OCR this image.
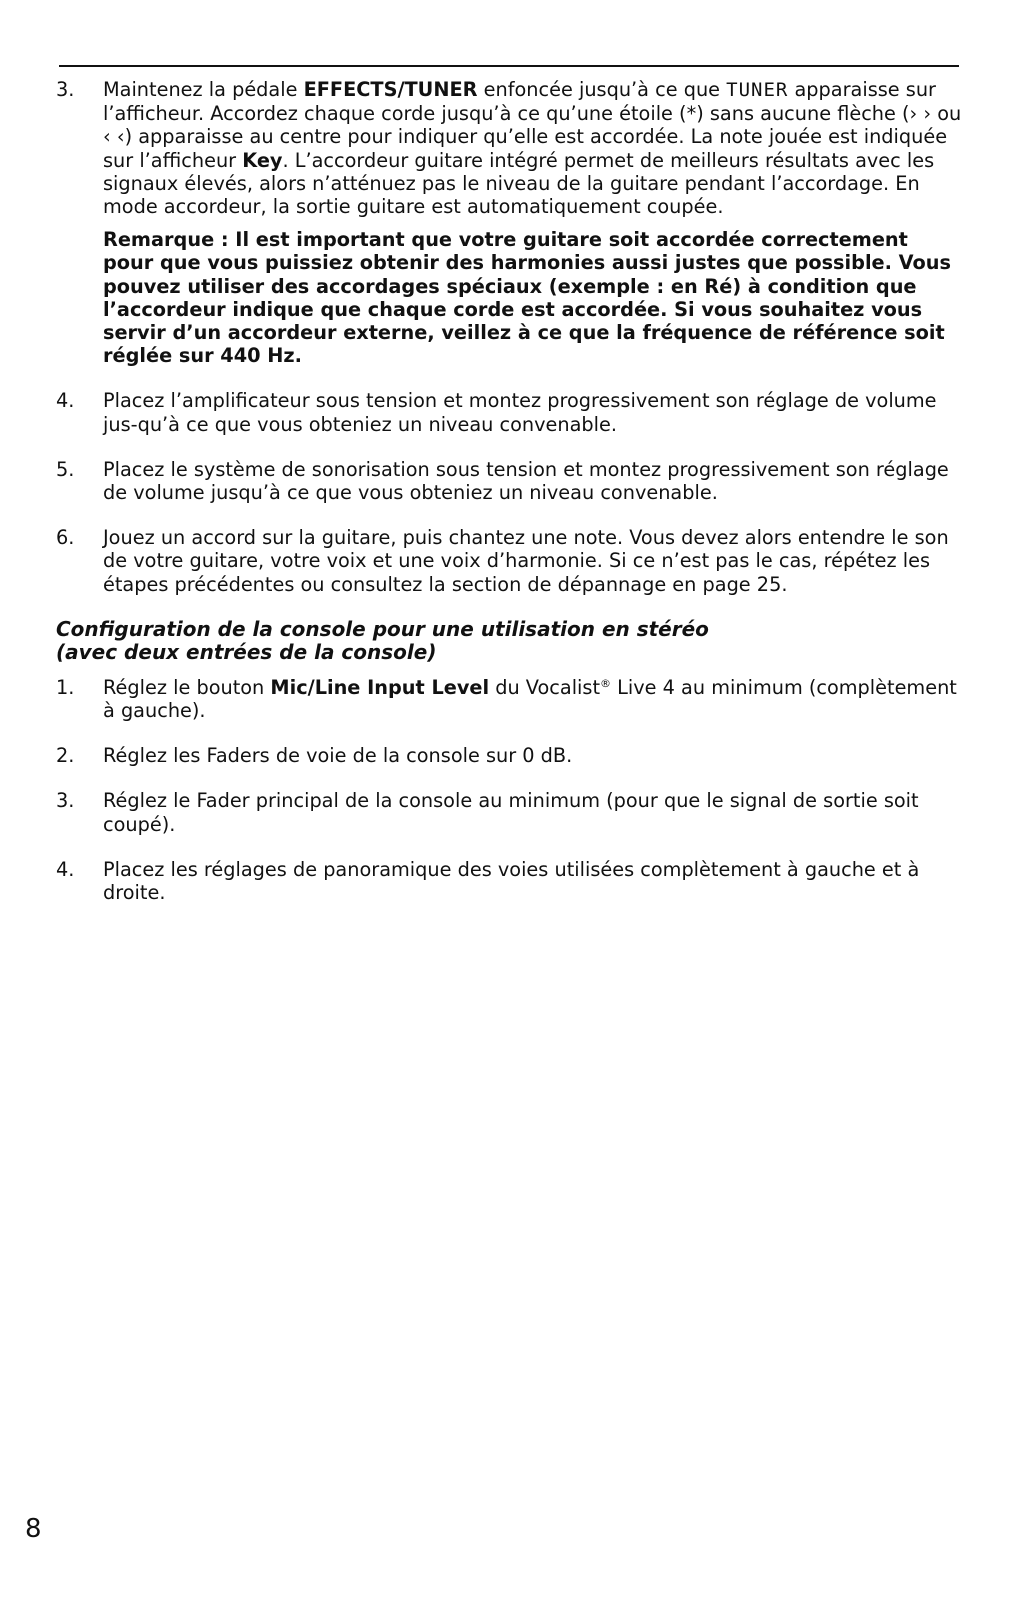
3.	Maintenez la pédale EFFECTS/TUNER enfoncée jusqu’à ce que TUNER apparaisse sur l’afficheur. Accordez chaque corde jusqu’à ce qu’une étoile (*) sans aucune flèche (› › ou ‹ ‹) apparaisse au centre pour indiquer qu’elle est accordée. La note jouée est indiquée sur l’afficheur Key. L’accordeur guitare intégré permet de meilleurs résultats avec les signaux élevés, alors n’atténuez pas le niveau de la guitare pendant l’accordage. En mode accordeur, la sortie guitare est automatiquement coupée.

Remarque : Il est important que votre guitare soit accordée correctement pour que vous puissiez obtenir des harmonies aussi justes que possible. Vous pouvez utiliser des accordages spéciaux (exemple : en Ré) à condition que l’accordeur indique que chaque corde est accordée. Si vous souhaitez vous servir d’un accordeur externe, veillez à ce que la fréquence de référence soit réglée sur 440 Hz.

4.	Placez l’amplificateur sous tension et montez progressivement son réglage de volume jus-qu’à ce que vous obteniez un niveau convenable.
5.	Placez le système de sonorisation sous tension et montez progressivement son réglage de volume jusqu’à ce que vous obteniez un niveau convenable.
6.	Jouez un accord sur la guitare, puis chantez une note. Vous devez alors entendre le son de votre guitare, votre voix et une voix d’harmonie. Si ce n’est pas le cas, répétez les étapes précédentes ou consultez la section de dépannage en page 25.
Configuration de la console pour une utilisation en stéréo
(avec deux entrées de la console)
1.	Réglez le bouton Mic/Line Input Level du Vocalist® Live 4 au minimum (complètement à gauche).
2.	Réglez les Faders de voie de la console sur 0 dB.
3.	Réglez le Fader principal de la console au minimum (pour que le signal de sortie soit coupé).
4.	Placez les réglages de panoramique des voies utilisées complètement à gauche et à droite.
8
